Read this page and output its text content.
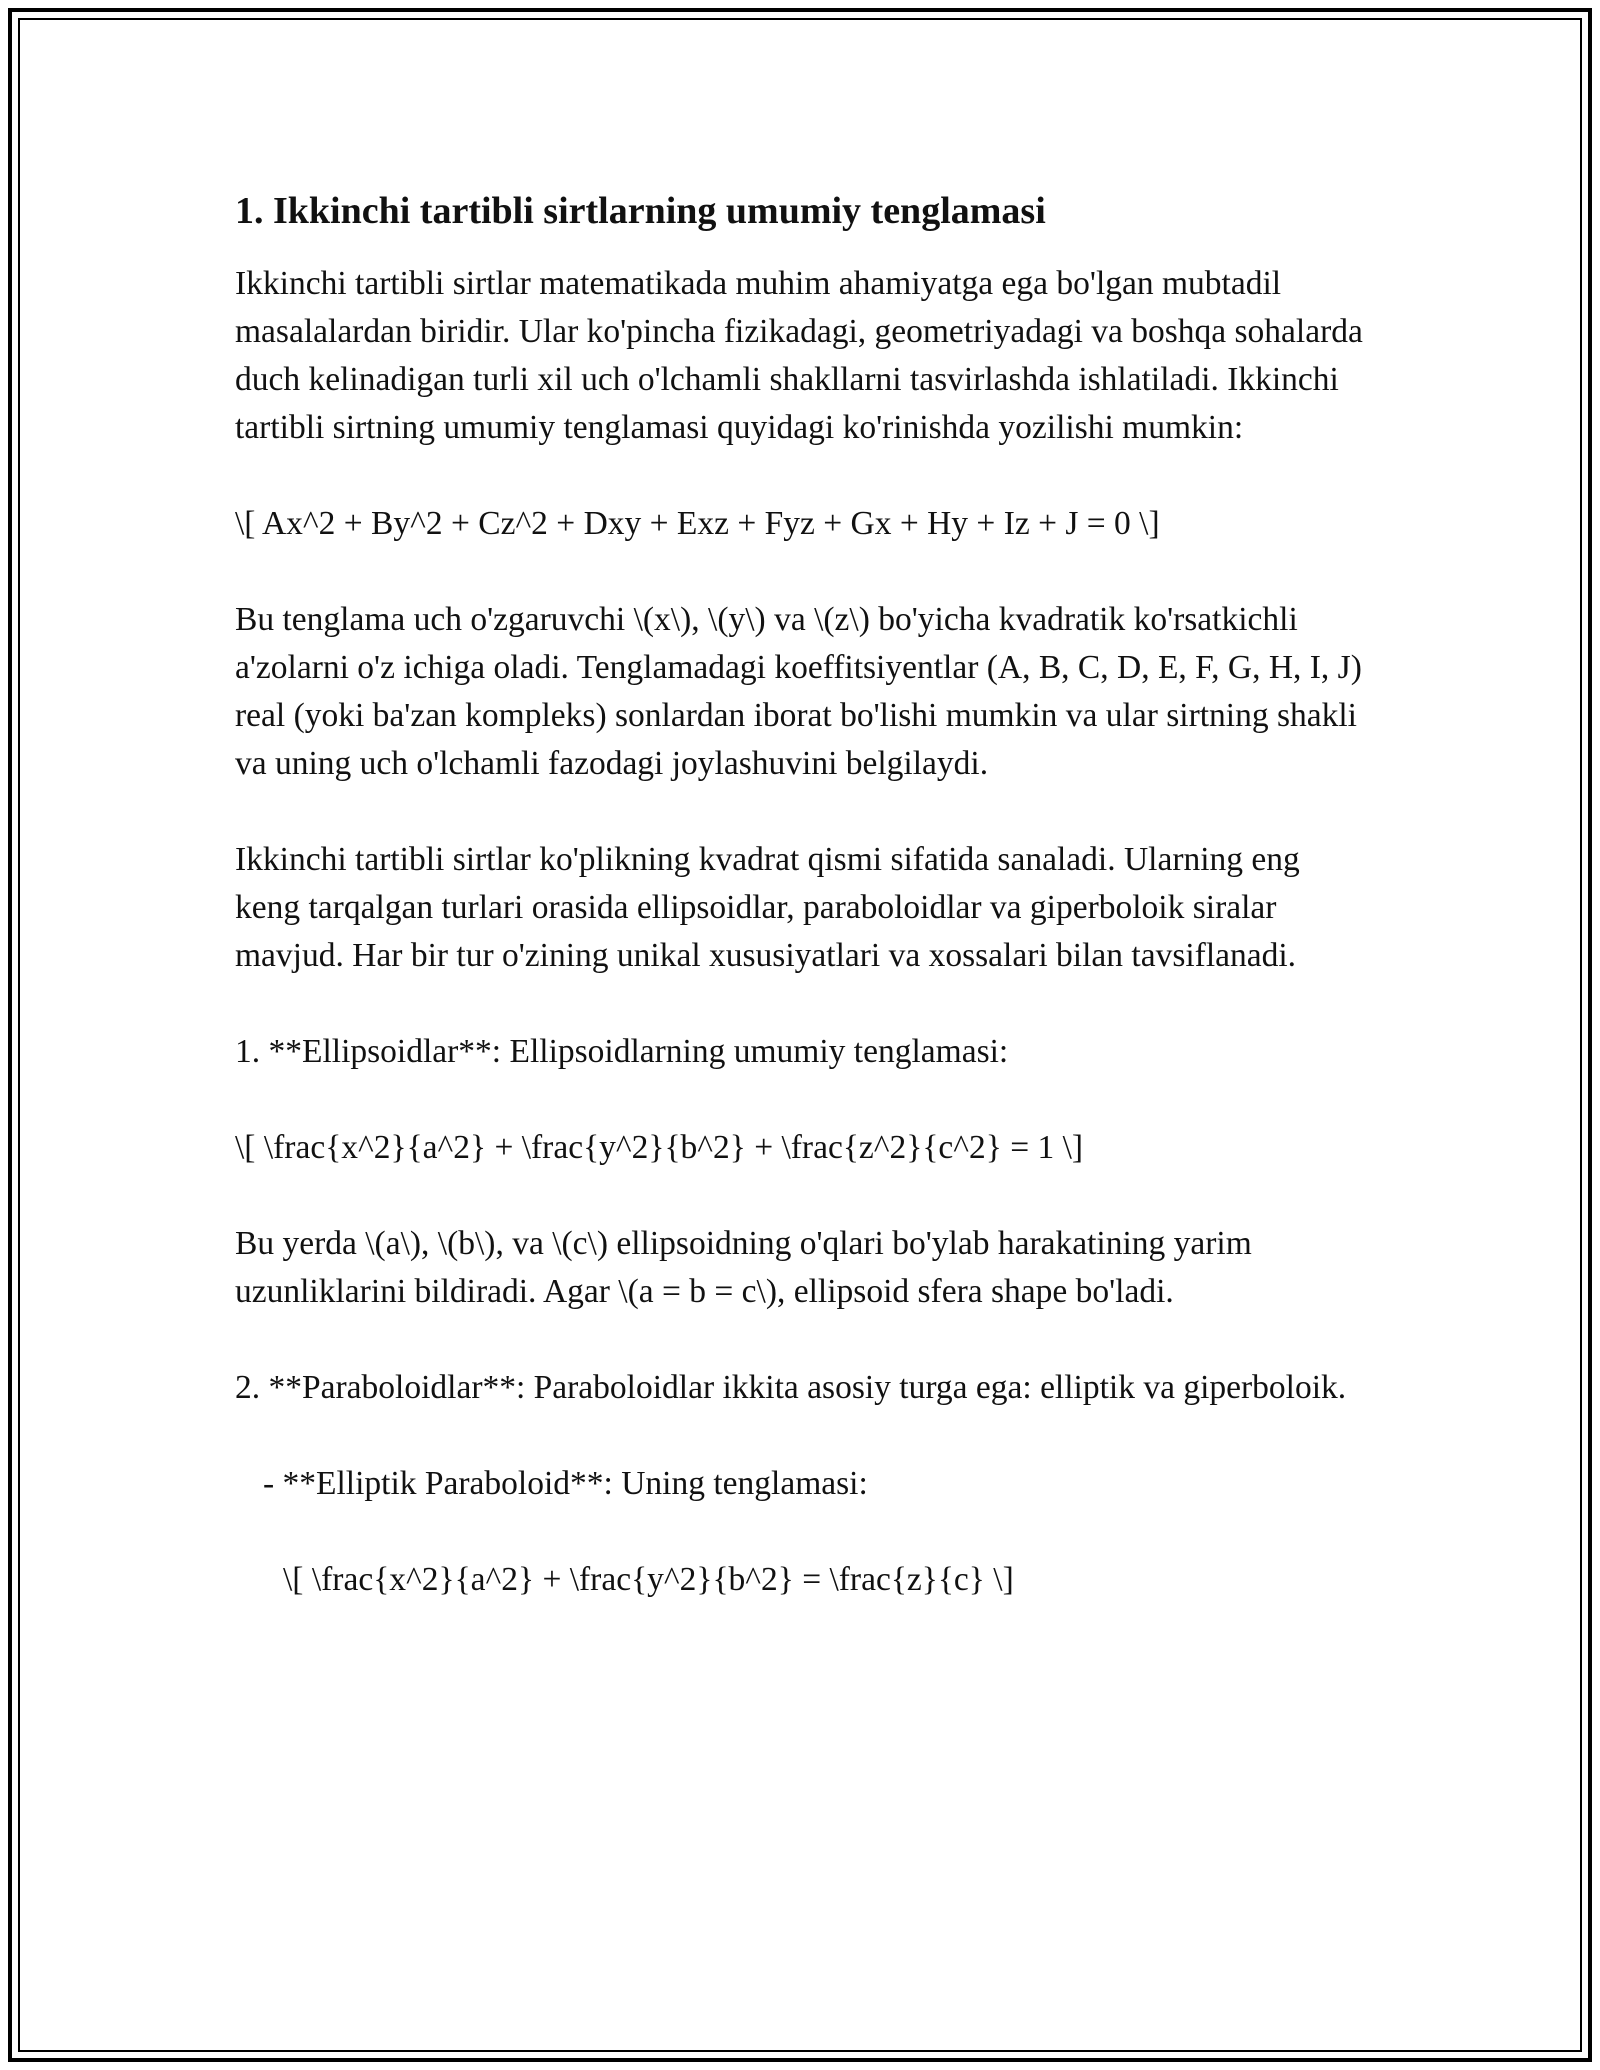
1. Ikkinchi tartibli sirtlarning umumiy tenglamasi

Ikkinchi tartibli sirtlar matematikada muhim ahamiyatga ega bo'lgan mubtadil masalalardan biridir. Ular ko'pincha fizikadagi, geometriyadagi va boshqa sohalarda duch kelinadigan turli xil uch o'lchamli shakllarni tasvirlashda ishlatiladi. Ikkinchi tartibli sirtning umumiy tenglamasi quyidagi ko'rinishda yozilishi mumkin:

\[ Ax^2 + By^2 + Cz^2 + Dxy + Exz + Fyz + Gx + Hy + Iz + J = 0 \]

Bu tenglama uch o'zgaruvchi \(x\), \(y\) va \(z\) bo'yicha kvadratik ko'rsatkichli a'zolarni o'z ichiga oladi. Tenglamadagi koeffitsiyentlar (A, B, C, D, E, F, G, H, I, J) real (yoki ba'zan kompleks) sonlardan iborat bo'lishi mumkin va ular sirtning shakli va uning uch o'lchamli fazodagi joylashuvini belgilaydi.

Ikkinchi tartibli sirtlar ko'plikning kvadrat qismi sifatida sanaladi. Ularning eng keng tarqalgan turlari orasida ellipsoidlar, paraboloidlar va giperboloik siralar mavjud. Har bir tur o'zining unikal xususiyatlari va xossalari bilan tavsiflanadi.

1. **Ellipsoidlar**: Ellipsoidlarning umumiy tenglamasi:

\[ \frac{x^2}{a^2} + \frac{y^2}{b^2} + \frac{z^2}{c^2} = 1 \]

Bu yerda \(a\), \(b\), va \(c\) ellipsoidning o'qlari bo'ylab harakatining yarim uzunliklarini bildiradi. Agar \(a = b = c\), ellipsoid sfera shape bo'ladi.

2. **Paraboloidlar**: Paraboloidlar ikkita asosiy turga ega: elliptik va giperboloik.

- **Elliptik Paraboloid**: Uning tenglamasi:

\[ \frac{x^2}{a^2} + \frac{y^2}{b^2} = \frac{z}{c} \]
